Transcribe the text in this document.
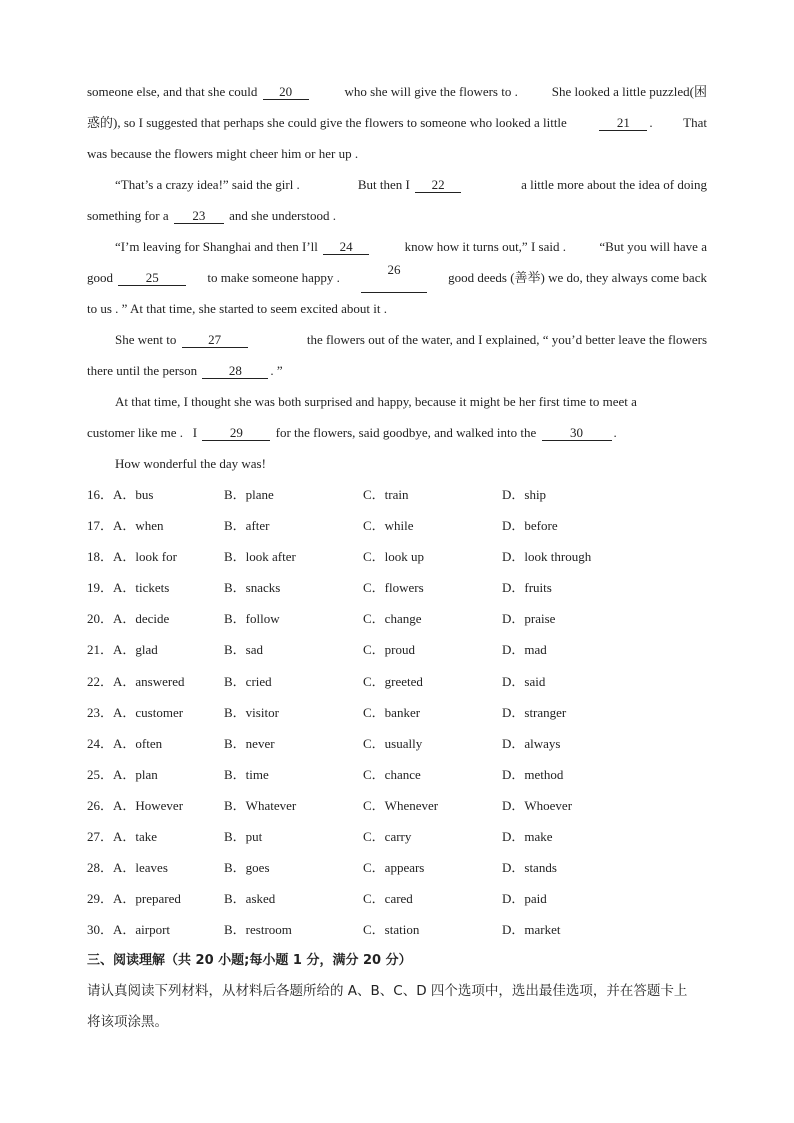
someone else, and that she could 20	who she will give the flowers to .	She looked a little puzzled(困
惑的), so I suggested that perhaps she could give the flowers to someone who looked a little	21 . That
was because the flowers might cheer him or her up .
“That’s a crazy idea!” said the girl .	But then I 22	a little more about the idea of doing
something for a 23 and she understood .
“I’m leaving for Shanghai and then I’ll 24	know how it turns out,” I said .	“But you will have a
good	25	to make someone happy .
26
good deeds (善举) we do, they always come back
to us . ” At that time, she started to seem excited about it .
She went to 27	the flowers out of the water, and I explained, “ you’d better leave the flowers
there until the person 28 . ”
At that time, I thought she was both surprised and happy, because it might be her first time to meet a
customer like me . I	29	for the flowers, said goodbye, and walked into the	30 .
How wonderful the day was!
16．A．bus	B．plane	C．train	D．ship
17．A．when	B．after	C．while	D．before
18．A．look for	B．look after	C．look up	D．look through
19．A．tickets	B．snacks	C．flowers	D．fruits
20．A．decide	B．follow	C．change	D．praise
21．A．glad	B．sad	C．proud	D．mad
22．A．answered	B．cried	C．greeted	D．said
23．A．customer	B．visitor	C．banker	D．stranger
24．A．often	B．never	C．usually	D．always
25．A．plan	B．time	C．chance	D．method
26．A．However	B．Whatever	C．Whenever	D．Whoever
27．A．take	B．put	C．carry	D．make
28．A．leaves	B．goes	C．appears	D．stands
29．A．prepared	B．asked	C．cared	D．paid
30．A．airport	B．restroom	C．station	D．market
三、阅读理解（共 20 小题;每小题 1 分，满分 20 分）
请认真阅读下列材料，从材料后各题所给的 A、B、C、D 四个选项中，选出最佳选项，并在答题卡上
将该项涂黑。
